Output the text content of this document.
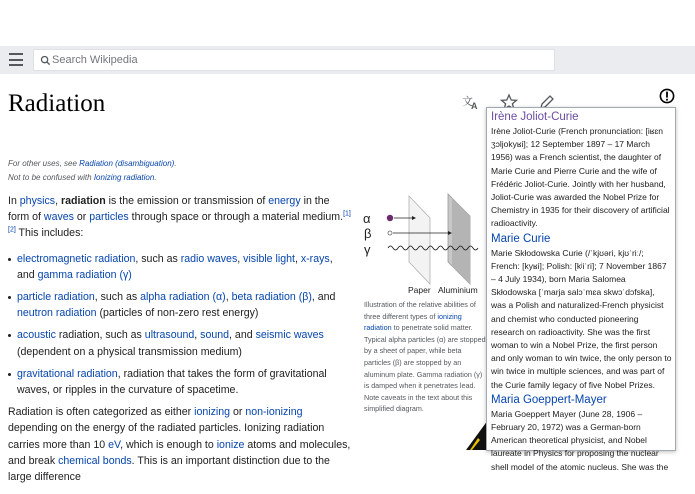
Search Wikipedia
Radiation	文
A
For other uses, see Radiation (disambiguation).
Not to be confused with Ionizing radiation.

In physics, radiation is the emission or transmission of energy in the form of waves or particles through space or through a material medium.[1][2] This includes:

electromagnetic radiation, such as radio waves, visible light, x-rays, and gamma radiation (γ)
particle radiation, such as alpha radiation (α), beta radiation (β), and neutron radiation (particles of non-zero rest energy)
acoustic radiation, such as ultrasound, sound, and seismic waves (dependent on a physical transmission medium)
gravitational radiation, radiation that takes the form of gravitational waves, or ripples in the curvature of spacetime.

Radiation is often categorized as either ionizing or non-ionizing depending on the energy of the radiated particles. Ionizing radiation carries more than 10 eV, which is enough to ionize atoms and molecules, and break chemical bonds. This is an important distinction due to the large difference

α
β
γ
Paper Aluminium
Illustration of the relative abilities of three different types of ionizing radiation to penetrate solid matter. Typical alpha particles (α) are stopped by a sheet of paper, while beta particles (β) are stopped by an aluminum plate. Gamma radiation (γ) is damped when it penetrates lead. Note caveats in the text about this simplified diagram.
Irène Joliot-Curie
Irène Joliot-Curie (French pronunciation: [iʁɛn ʒɔljokyʁi]; 12 September 1897 – 17 March 1956) was a French scientist, the daughter of Marie Curie and Pierre Curie and the wife of Frédéric Joliot-Curie. Jointly with her husband, Joliot-Curie was awarded the Nobel Prize for Chemistry in 1935 for their discovery of artificial radioactivity.
Marie Curie
Marie Skłodowska Curie (/ˈkjʊəri, kjʊˈriː/; French: [kyʁi]; Polish: [kʲiˈri]; 7 November 1867 – 4 July 1934), born Maria Salomea Skłodowska [ˈmarja salɔˈmɛa skwɔˈdɔfska], was a Polish and naturalized-French physicist and chemist who conducted pioneering research on radioactivity. She was the first woman to win a Nobel Prize, the first person and only woman to win twice, the only person to win twice in multiple sciences, and was part of the Curie family legacy of five Nobel Prizes.
Maria Goeppert-Mayer
Maria Goeppert Mayer (June 28, 1906 – February 20, 1972) was a German-born American theoretical physicist, and Nobel laureate in Physics for proposing the nuclear shell model of the atomic nucleus. She was the
